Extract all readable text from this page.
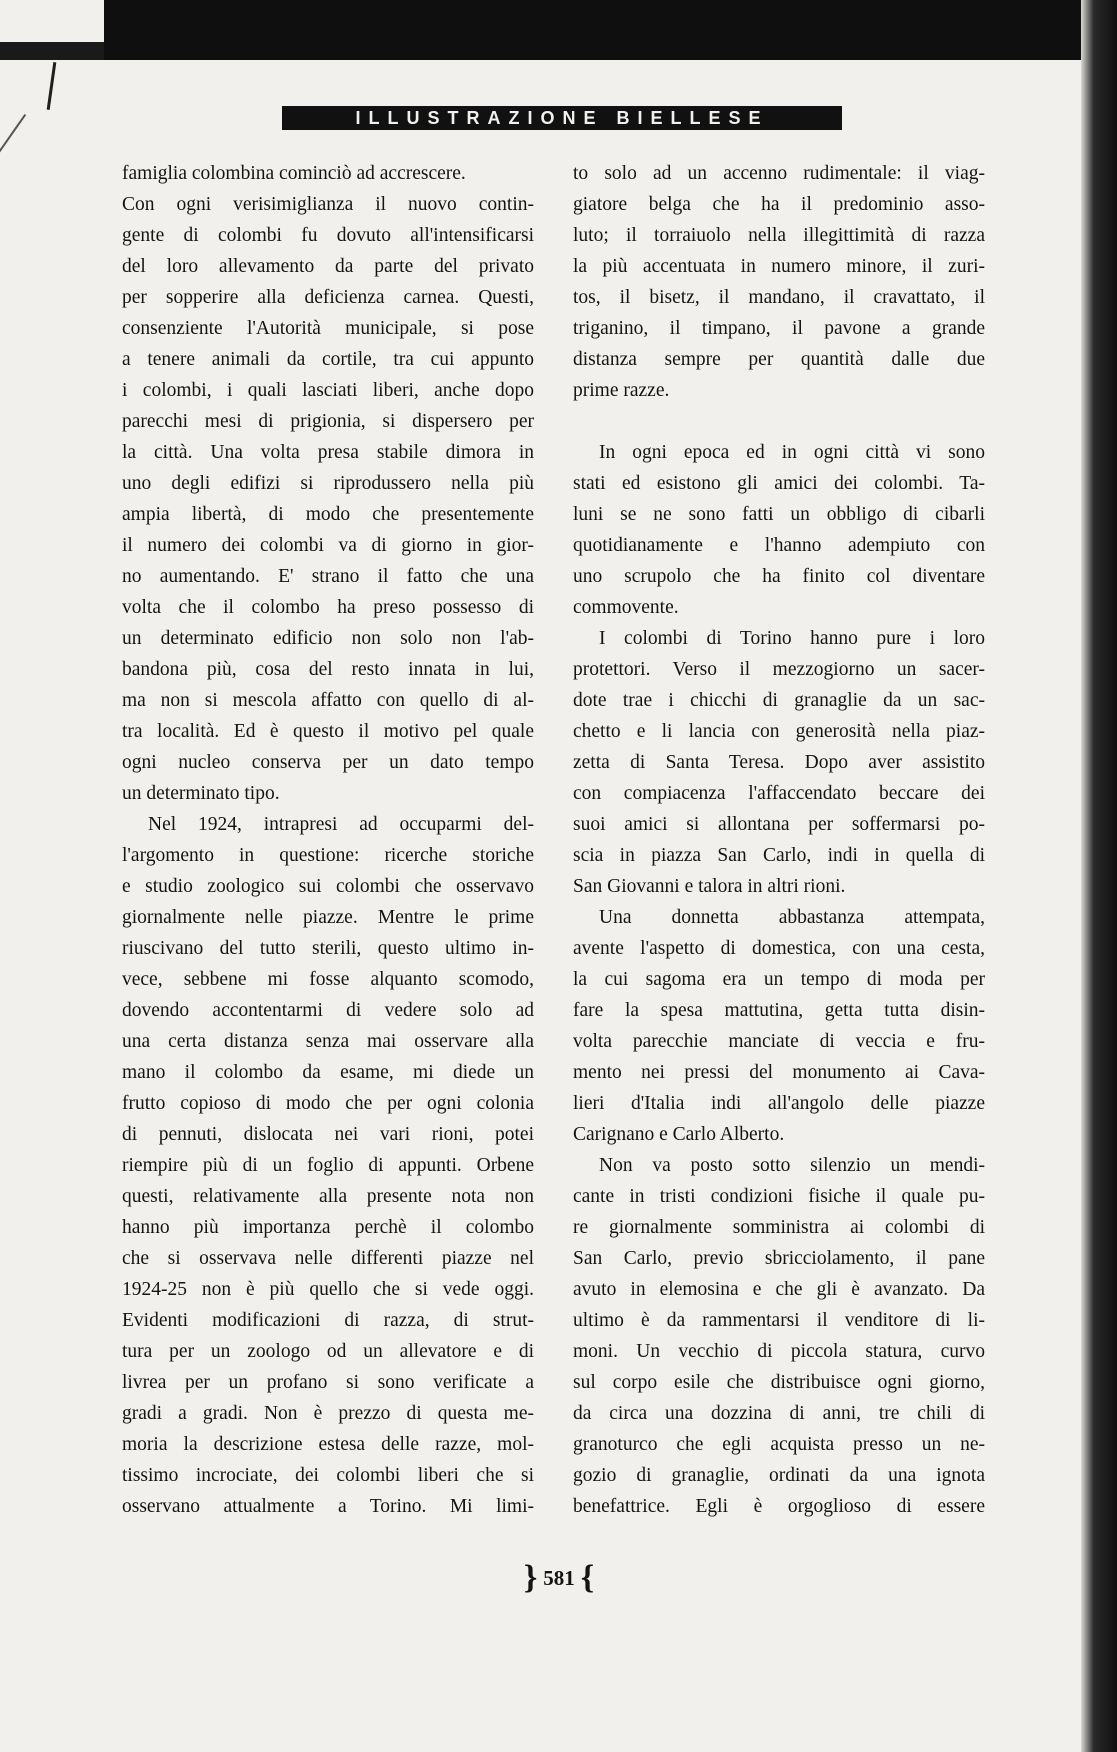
ILLUSTRAZIONE BIELLESE
famiglia colombina cominciò ad accrescere.
Con ogni verisimiglianza il nuovo contin-
gente di colombi fu dovuto all'intensificarsi
del loro allevamento da parte del privato
per sopperire alla deficienza carnea. Questi,
consenziente l'Autorità municipale, si pose
a tenere animali da cortile, tra cui appunto
i colombi, i quali lasciati liberi, anche dopo
parecchi mesi di prigionia, si dispersero per
la città. Una volta presa stabile dimora in
uno degli edifizi si riprodussero nella più
ampia libertà, di modo che presentemente
il numero dei colombi va di giorno in gior-
no aumentando. E' strano il fatto che una
volta che il colombo ha preso possesso di
un determinato edificio non solo non l'ab-
bandona più, cosa del resto innata in lui,
ma non si mescola affatto con quello di al-
tra località. Ed è questo il motivo pel quale
ogni nucleo conserva per un dato tempo
un determinato tipo.
Nel 1924, intrapresi ad occuparmi del-
l'argomento in questione: ricerche storiche
e studio zoologico sui colombi che osservavo
giornalmente nelle piazze. Mentre le prime
riuscivano del tutto sterili, questo ultimo in-
vece, sebbene mi fosse alquanto scomodo,
dovendo accontentarmi di vedere solo ad
una certa distanza senza mai osservare alla
mano il colombo da esame, mi diede un
frutto copioso di modo che per ogni colonia
di pennuti, dislocata nei vari rioni, potei
riempire più di un foglio di appunti. Orbene
questi, relativamente alla presente nota non
hanno più importanza perchè il colombo
che si osservava nelle differenti piazze nel
1924-25 non è più quello che si vede oggi.
Evidenti modificazioni di razza, di strut-
tura per un zoologo od un allevatore e di
livrea per un profano si sono verificate a
gradi a gradi. Non è prezzo di questa me-
moria la descrizione estesa delle razze, mol-
tissimo incrociate, dei colombi liberi che si
osservano attualmente a Torino. Mi limi-
to solo ad un accenno rudimentale: il viag-
giatore belga che ha il predominio asso-
luto; il torraiuolo nella illegittimità di razza
la più accentuata in numero minore, il zuri-
tos, il bisetz, il mandano, il cravattato, il
triganino, il timpano, il pavone a grande
distanza sempre per quantità dalle due
prime razze.
In ogni epoca ed in ogni città vi sono
stati ed esistono gli amici dei colombi. Ta-
luni se ne sono fatti un obbligo di cibarli
quotidianamente e l'hanno adempiuto con
uno scrupolo che ha finito col diventare
commovente.
I colombi di Torino hanno pure i loro
protettori. Verso il mezzogiorno un sacer-
dote trae i chicchi di granaglie da un sac-
chetto e li lancia con generosità nella piaz-
zetta di Santa Teresa. Dopo aver assistito
con compiacenza l'affaccendato beccare dei
suoi amici si allontana per soffermarsi po-
scia in piazza San Carlo, indi in quella di
San Giovanni e talora in altri rioni.
Una donnetta abbastanza attempata,
avente l'aspetto di domestica, con una cesta,
la cui sagoma era un tempo di moda per
fare la spesa mattutina, getta tutta disin-
volta parecchie manciate di veccia e fru-
mento nei pressi del monumento ai Cava-
lieri d'Italia indi all'angolo delle piazze
Carignano e Carlo Alberto.
Non va posto sotto silenzio un mendi-
cante in tristi condizioni fisiche il quale pu-
re giornalmente somministra ai colombi di
San Carlo, previo sbricciolamento, il pane
avuto in elemosina e che gli è avanzato. Da
ultimo è da rammentarsi il venditore di li-
moni. Un vecchio di piccola statura, curvo
sul corpo esile che distribuisce ogni giorno,
da circa una dozzina di anni, tre chili di
granoturco che egli acquista presso un ne-
gozio di granaglie, ordinati da una ignota
benefattrice. Egli è orgoglioso di essere
} 581 {
